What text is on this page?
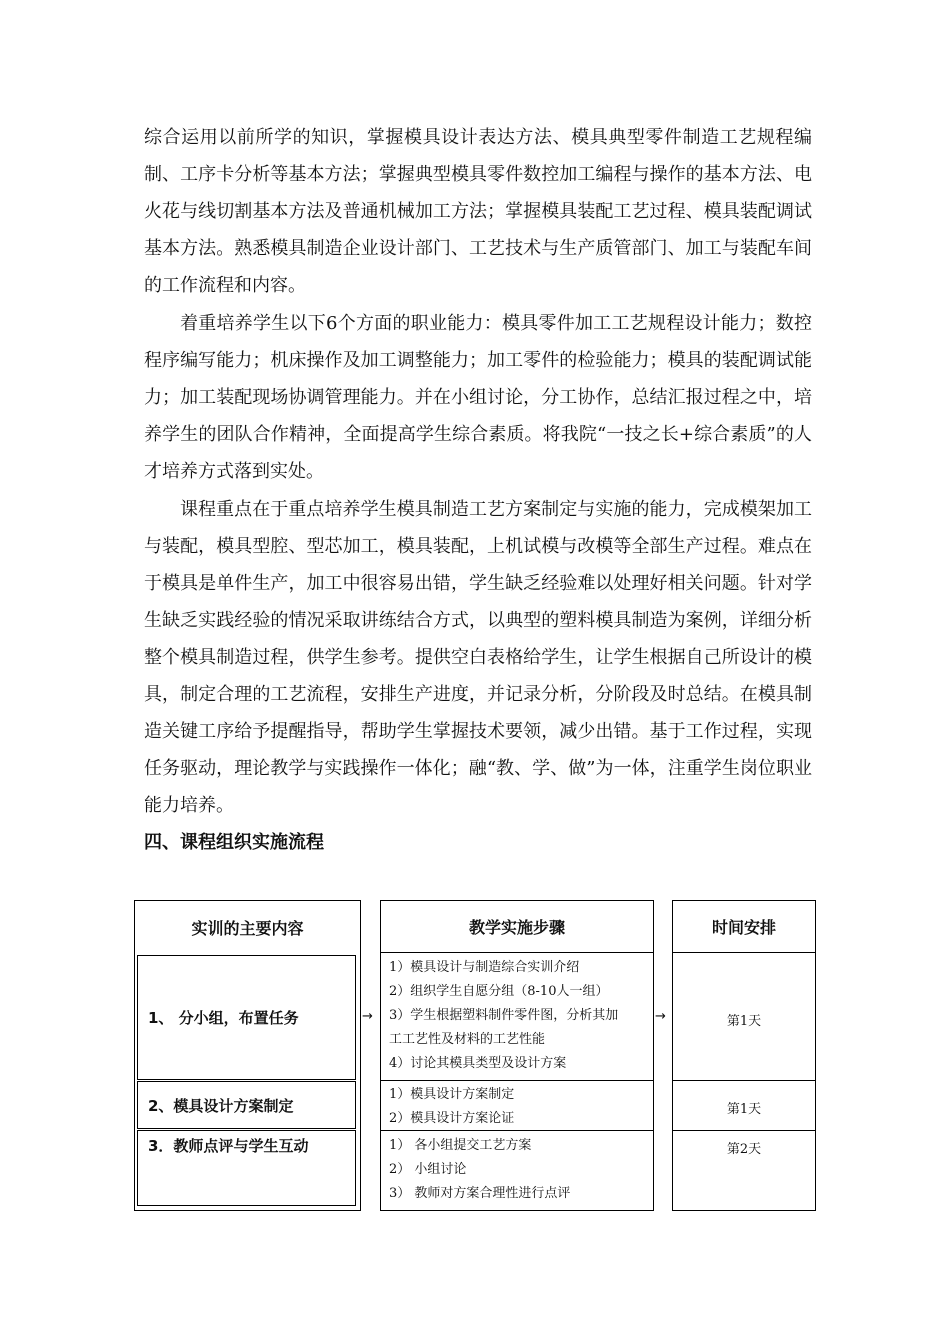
综合运用以前所学的知识，掌握模具设计表达方法、模具典型零件制造工艺规程编制、工序卡分析等基本方法；掌握典型模具零件数控加工编程与操作的基本方法、电火花与线切割基本方法及普通机械加工方法；掌握模具装配工艺过程、模具装配调试基本方法。熟悉模具制造企业设计部门、工艺技术与生产质管部门、加工与装配车间的工作流程和内容。

着重培养学生以下6个方面的职业能力：模具零件加工工艺规程设计能力；数控程序编写能力；机床操作及加工调整能力；加工零件的检验能力；模具的装配调试能力；加工装配现场协调管理能力。并在小组讨论，分工协作，总结汇报过程之中，培养学生的团队合作精神，全面提高学生综合素质。将我院“一技之长+综合素质”的人才培养方式落到实处。

课程重点在于重点培养学生模具制造工艺方案制定与实施的能力，完成模架加工与装配，模具型腔、型芯加工，模具装配，上机试模与改模等全部生产过程。难点在于模具是单件生产，加工中很容易出错，学生缺乏经验难以处理好相关问题。针对学生缺乏实践经验的情况采取讲练结合方式，以典型的塑料模具制造为案例，详细分析整个模具制造过程，供学生参考。提供空白表格给学生，让学生根据自己所设计的模具，制定合理的工艺流程，安排生产进度，并记录分析，分阶段及时总结。在模具制造关键工序给予提醒指导，帮助学生掌握技术要领，减少出错。基于工作过程，实现任务驱动，理论教学与实践操作一体化；融“教、学、做”为一体，注重学生岗位职业能力培养。

四、课程组织实施流程
实训的主要内容
1、 分小组，布置任务
2、模具设计方案制定
3．教师点评与学生互动
教学实施步骤

1）模具设计与制造综合实训介绍

2）组织学生自愿分组（8-10人一组）

3）学生根据塑料制件零件图，分析其加

工工艺性及材料的工艺性能

4）讨论其模具类型及设计方案

1）模具设计方案制定

2）模具设计方案论证

1） 各小组提交工艺方案

2） 小组讨论

3） 教师对方案合理性进行点评

时间安排
第1天
第1天
第2天
→	→
